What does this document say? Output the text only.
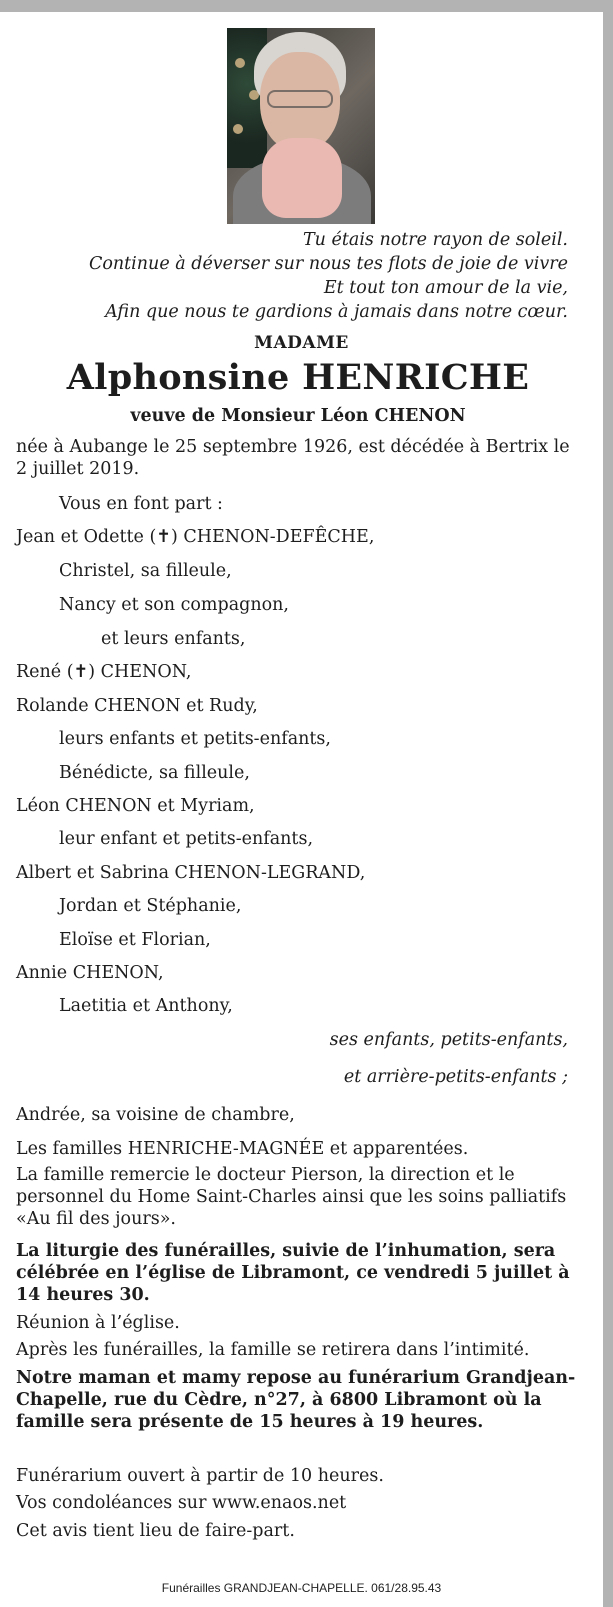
Tu étais notre rayon de soleil.
Continue à déverser sur nous tes flots de joie de vivre
Et tout ton amour de la vie,
Afin que nous te gardions à jamais dans notre cœur.
MADAME
Alphonsine HENRICHE
veuve de Monsieur Léon CHENON
née à Aubange le 25 septembre 1926, est décédée à Bertrix le 2 juillet 2019.
Vous en font part :
Jean et Odette (✝) CHENON-DEFÊCHE,
Christel, sa filleule,
Nancy et son compagnon,
et leurs enfants,
René (✝) CHENON,
Rolande CHENON et Rudy,
leurs enfants et petits-enfants,
Bénédicte, sa filleule,
Léon CHENON et Myriam,
leur enfant et petits-enfants,
Albert et Sabrina CHENON-LEGRAND,
Jordan et Stéphanie,
Eloïse et Florian,
Annie CHENON,
Laetitia et Anthony,
ses enfants, petits-enfants,
et arrière-petits-enfants ;
Andrée, sa voisine de chambre,
Les familles HENRICHE-MAGNÉE et apparentées.
La famille remercie le docteur Pierson, la direction et le personnel du Home Saint-Charles ainsi que les soins palliatifs «Au fil des jours».
La liturgie des funérailles, suivie de l’inhumation, sera célébrée en l’église de Libramont, ce vendredi 5 juillet à 14 heures 30.
Réunion à l’église.
Après les funérailles, la famille se retirera dans l’intimité.
Notre maman et mamy repose au funérarium Grandjean-Chapelle, rue du Cèdre, n°27, à 6800 Libramont où la famille sera présente de 15 heures à 19 heures.
Funérarium ouvert à partir de 10 heures.
Vos condoléances sur www.enaos.net
Cet avis tient lieu de faire-part.
Funérailles GRANDJEAN-CHAPELLE. 061/28.95.43
